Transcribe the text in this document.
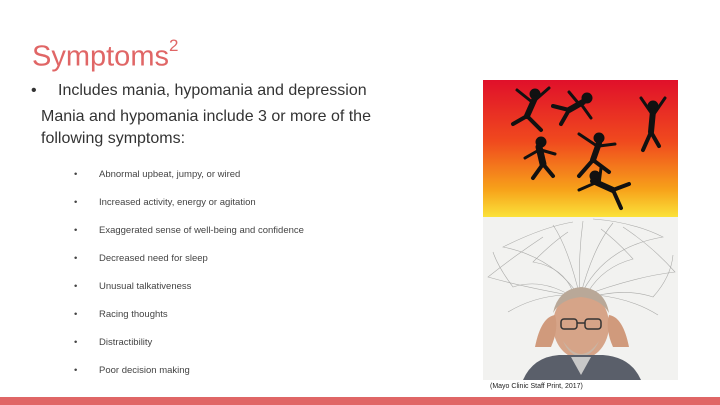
Symptoms$^2$
• Includes mania, hypomania and depression
Mania and hypomania include 3 or more of the following symptoms:
• Abnormal upbeat, jumpy, or wired
• Increased activity, energy or agitation
• Exaggerated sense of well-being and confidence
• Decreased need for sleep
• Unusual talkativeness
• Racing thoughts
• Distractibility
• Poor decision making
(Mayo Clinic Staff Print, 2017)
